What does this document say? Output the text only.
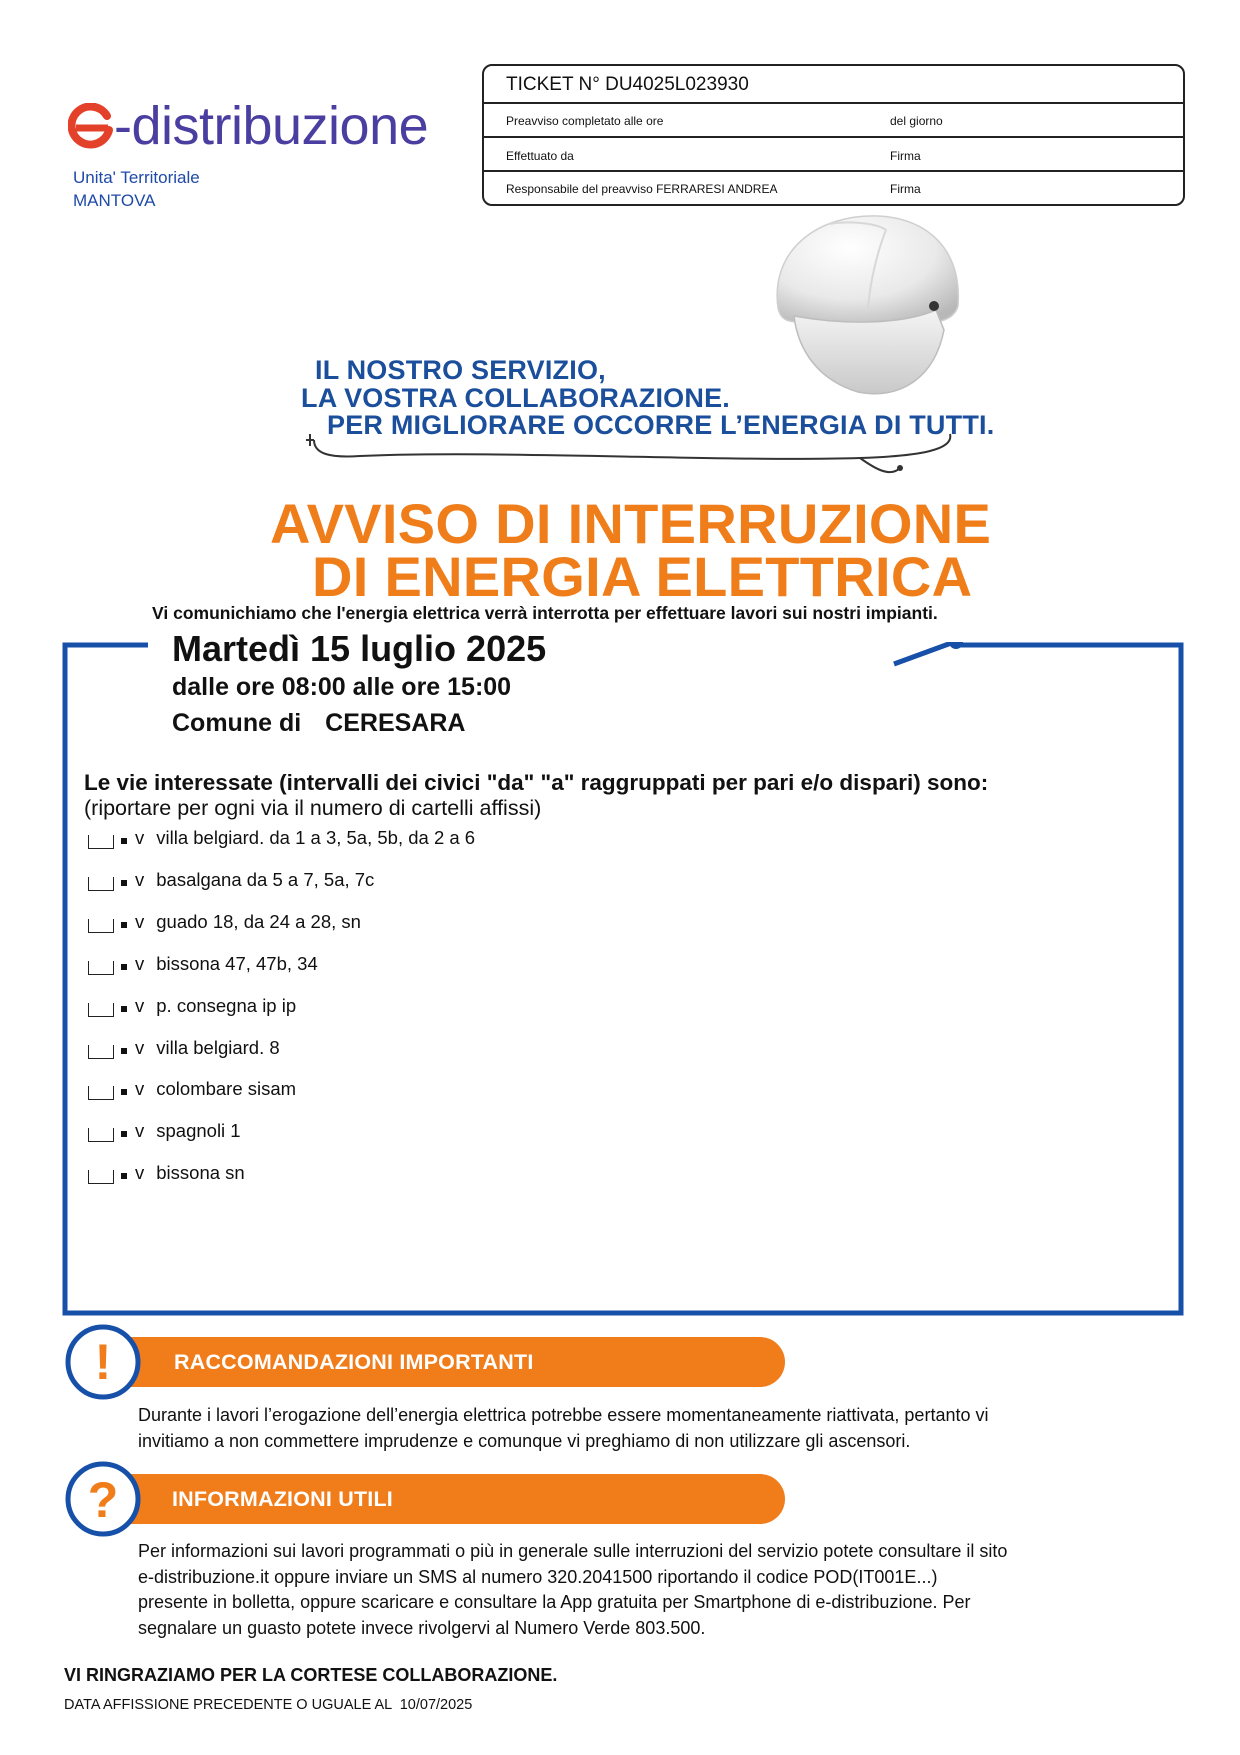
-distribuzione
Unita' Territoriale
MANTOVA
TICKET N° DU4025L023930
Preavviso completato alle ore	del giorno
Effettuato da	Firma
Responsabile del preavviso FERRARESI ANDREA	Firma
IL NOSTRO SERVIZIO,
LA VOSTRA COLLABORAZIONE.
PER MIGLIORARE OCCORRE L’ENERGIA DI TUTTI.
AVVISO DI INTERRUZIONE
DI ENERGIA ELETTRICA
Vi comunichiamo che l'energia elettrica verrà interrotta per effettuare lavori sui nostri impianti.
Martedì 15 luglio 2025
dalle ore 08:00 alle ore 15:00
Comune di CERESARA
Le vie interessate (intervalli dei civici "da" "a" raggruppati per pari e/o dispari) sono:
(riportare per ogni via il numero di cartelli affissi)
v villa belgiard. da 1 a 3, 5a, 5b, da 2 a 6
v basalgana da 5 a 7, 5a, 7c
v guado 18, da 24 a 28, sn
v bissona 47, 47b, 34
v p. consegna ip ip
v villa belgiard. 8
v colombare sisam
v spagnoli 1
v bissona sn
!	RACCOMANDAZIONI IMPORTANTI
Durante i lavori l’erogazione dell’energia elettrica potrebbe essere momentaneamente riattivata, pertanto vi
invitiamo a non commettere imprudenze e comunque vi preghiamo di non utilizzare gli ascensori.
? INFORMAZIONI UTILI
Per informazioni sui lavori programmati o più in generale sulle interruzioni del servizio potete consultare il sito
e-distribuzione.it oppure inviare un SMS al numero 320.2041500 riportando il codice POD(IT001E...)
presente in bolletta, oppure scaricare e consultare la App gratuita per Smartphone di e-distribuzione. Per
segnalare un guasto potete invece rivolgervi al Numero Verde 803.500.
VI RINGRAZIAMO PER LA CORTESE COLLABORAZIONE.
DATA AFFISSIONE PRECEDENTE O UGUALE AL  10/07/2025
